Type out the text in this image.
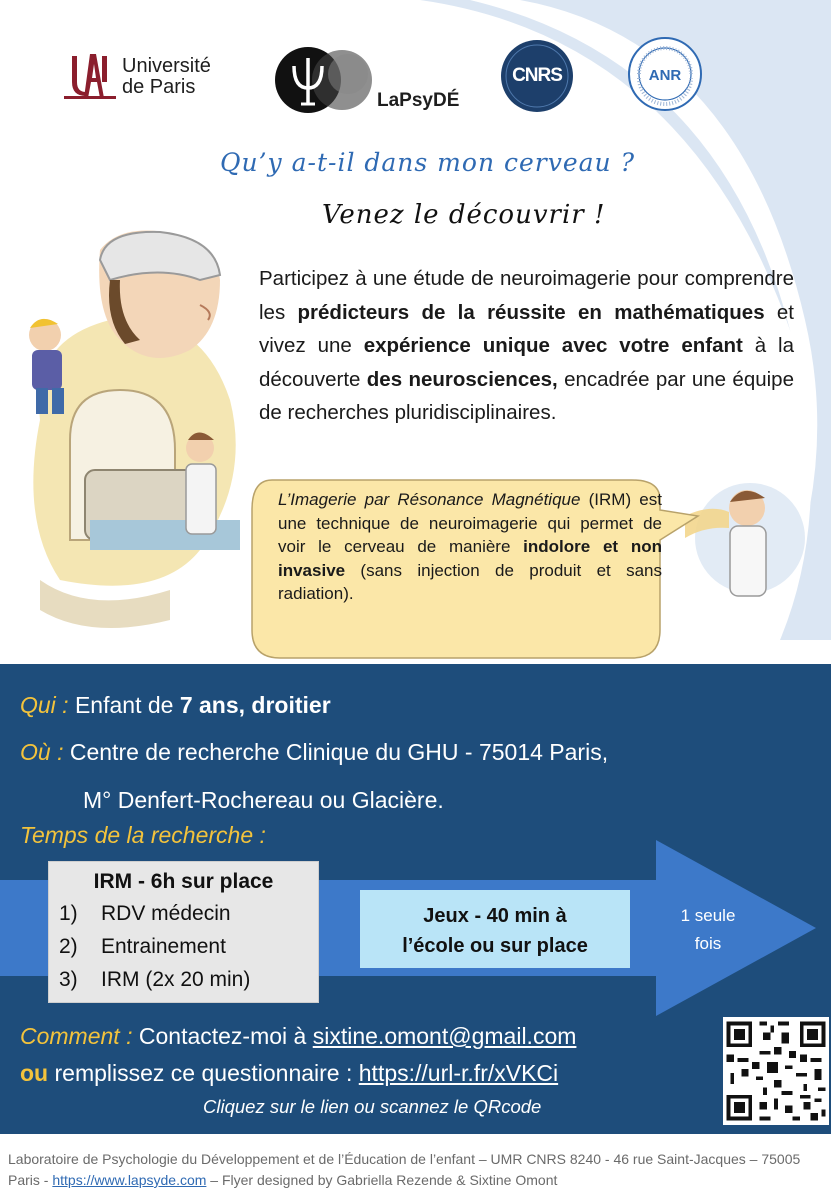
Université
de Paris
LaPsyDÉ
CNRS	ANR
Qu’y a-t-il dans mon cerveau ?
Venez le découvrir !
Participez à une étude de neuroimagerie pour comprendre les prédicteurs de la réussite en mathématiques et vivez une expérience unique avec votre enfant à la découverte des neurosciences, encadrée par une équipe de recherches pluridisciplinaires.
L’Imagerie par Résonance Magnétique (IRM) est une technique de neuroimagerie qui permet de voir le cerveau de manière indolore et non invasive (sans injection de produit et sans radiation).
Qui : Enfant de 7 ans, droitier
Où : Centre de recherche Clinique du GHU - 75014 Paris,
M° Denfert-Rochereau ou Glacière.
Temps de la recherche :
IRM - 6h sur place
1) RDV médecin
2) Entrainement
3) IRM (2x 20 min)
Jeux - 40 min à
l’école ou sur place
1 seule
fois
Comment : Contactez-moi à sixtine.omont@gmail.com
ou remplissez ce questionnaire : https://url-r.fr/xVKCi
Cliquez sur le lien ou scannez le QRcode
Laboratoire de Psychologie du Développement et de l’Éducation de l’enfant – UMR CNRS 8240 - 46 rue Saint-Jacques – 75005 Paris - https://www.lapsyde.com – Flyer designed by Gabriella Rezende & Sixtine Omont
